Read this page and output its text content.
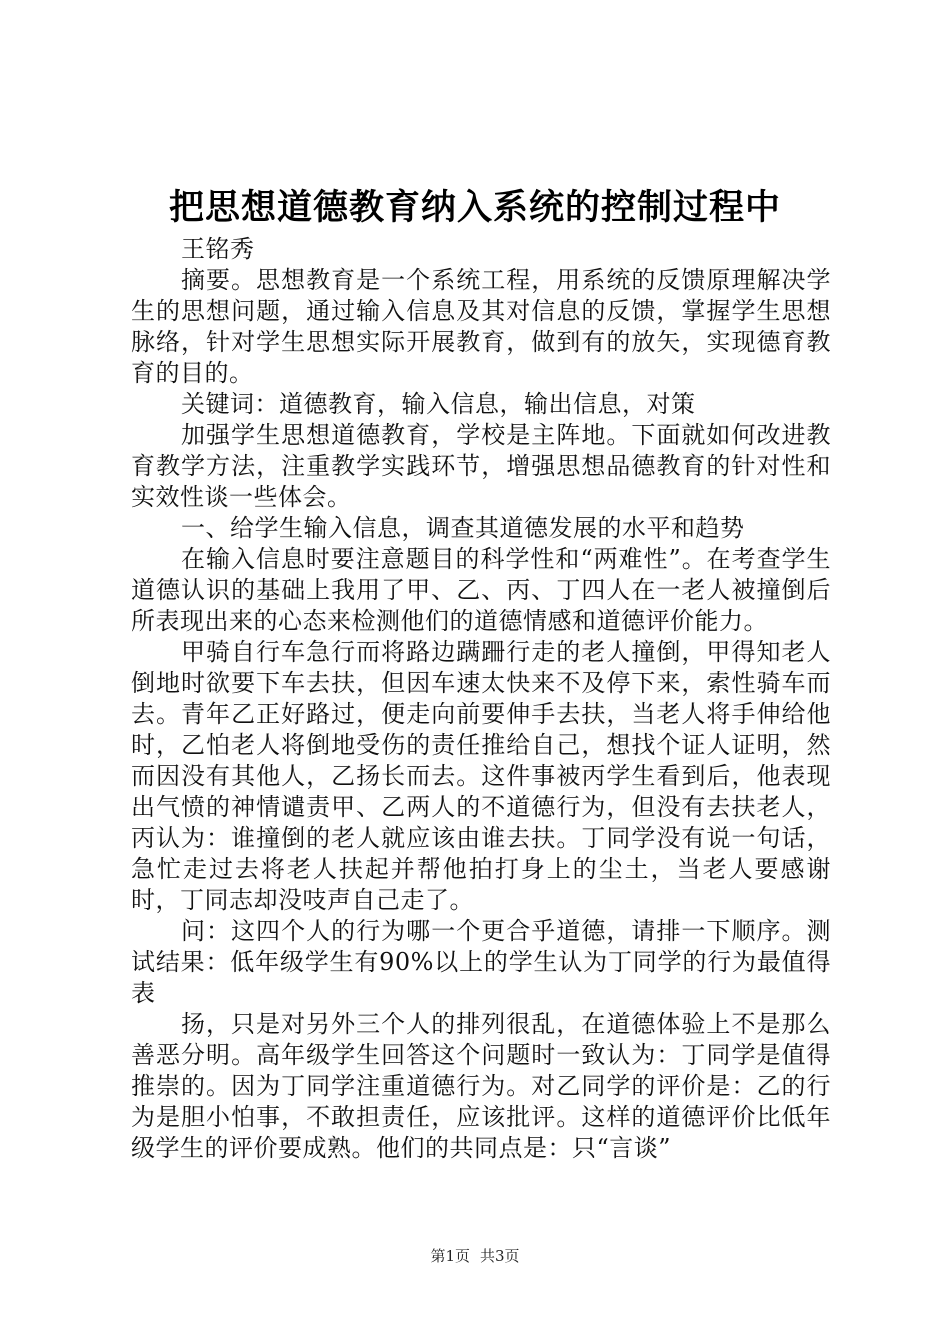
把思想道德教育纳入系统的控制过程中

王铭秀

摘要。思想教育是一个系统工程，用系统的反馈原理解决学生的思想问题，通过输入信息及其对信息的反馈，掌握学生思想脉络，针对学生思想实际开展教育，做到有的放矢，实现德育教育的目的。

关键词：道德教育，输入信息，输出信息，对策

加强学生思想道德教育，学校是主阵地。下面就如何改进教育教学方法，注重教学实践环节，增强思想品德教育的针对性和实效性谈一些体会。

一、给学生输入信息，调查其道德发展的水平和趋势

在输入信息时要注意题目的科学性和“两难性”。在考查学生道德认识的基础上我用了甲、乙、丙、丁四人在一老人被撞倒后所表现出来的心态来检测他们的道德情感和道德评价能力。

甲骑自行车急行而将路边蹒跚行走的老人撞倒，甲得知老人倒地时欲要下车去扶，但因车速太快来不及停下来，索性骑车而去。青年乙正好路过，便走向前要伸手去扶，当老人将手伸给他时，乙怕老人将倒地受伤的责任推给自己，想找个证人证明，然而因没有其他人，乙扬长而去。这件事被丙学生看到后，他表现出气愤的神情谴责甲、乙两人的不道德行为，但没有去扶老人，丙认为：谁撞倒的老人就应该由谁去扶。丁同学没有说一句话，急忙走过去将老人扶起并帮他拍打身上的尘土，当老人要感谢时，丁同志却没吱声自己走了。

问：这四个人的行为哪一个更合乎道德，请排一下顺序。测试结果：低年级学生有90%以上的学生认为丁同学的行为最值得表

扬，只是对另外三个人的排列很乱，在道德体验上不是那么善恶分明。高年级学生回答这个问题时一致认为：丁同学是值得推崇的。因为丁同学注重道德行为。对乙同学的评价是：乙的行为是胆小怕事，不敢担责任，应该批评。这样的道德评价比低年级学生的评价要成熟。他们的共同点是：只“言谈”

第1页 共3页
